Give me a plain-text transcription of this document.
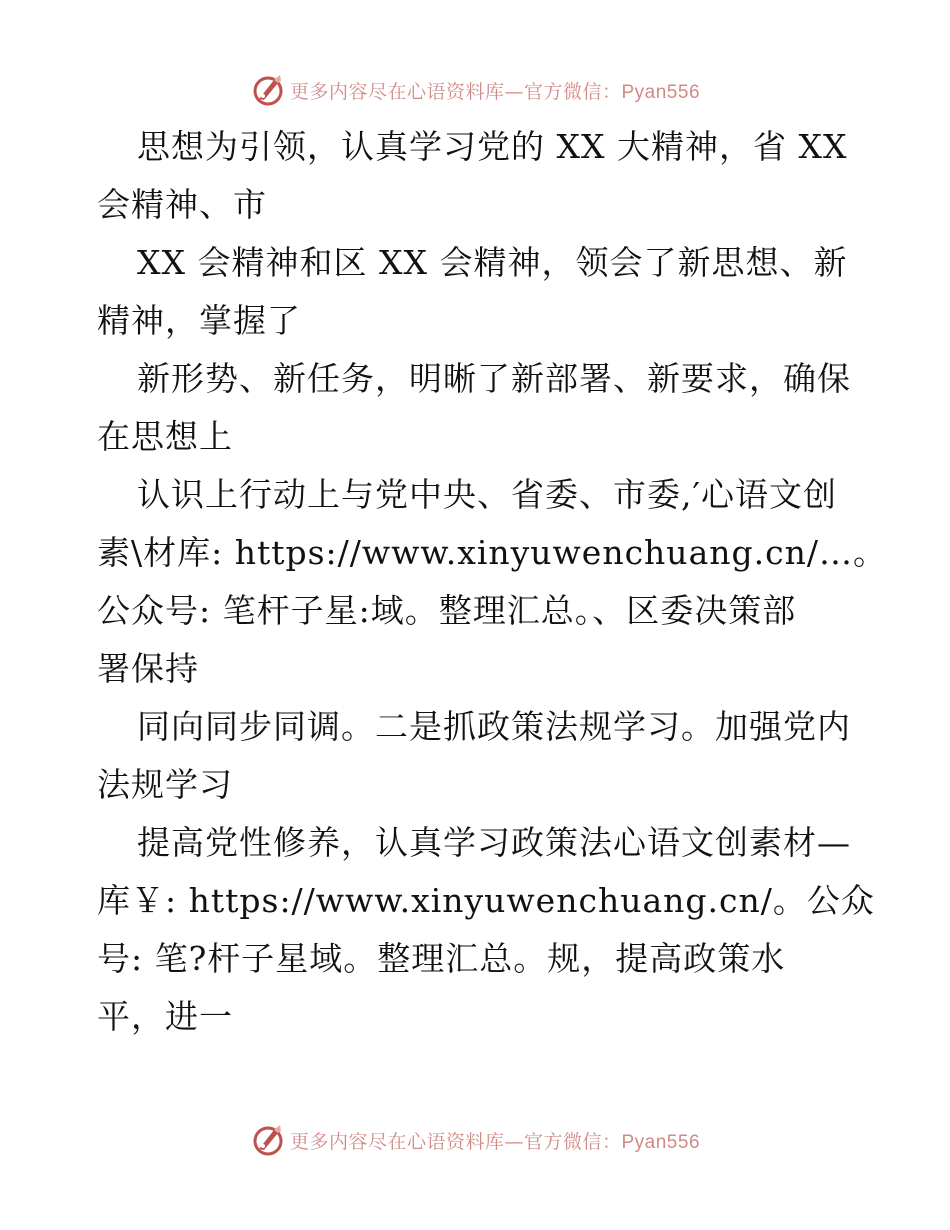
更多内容尽在心语资料库—官方微信：Pyan556
思想为引领，认真学习党的 XX 大精神，省 XX
会精神、市
XX 会精神和区 XX 会精神，领会了新思想、新
精神，掌握了
新形势、新任务，明晰了新部署、新要求，确保
在思想上
认识上行动上与党中央、省委、市委,′心语文创
素\材库: https://www.xinyuwenchuang.cn/…。
公众号: 笔杆子星:域。整理汇总。、区委决策部
署保持
同向同步同调。二是抓政策法规学习。加强党内
法规学习
提高党性修养，认真学习政策法心语文创素材—
库￥: https://www.xinyuwenchuang.cn/。公众
号: 笔?杆子星域。整理汇总。规，提高政策水
平，进一
更多内容尽在心语资料库—官方微信：Pyan556
